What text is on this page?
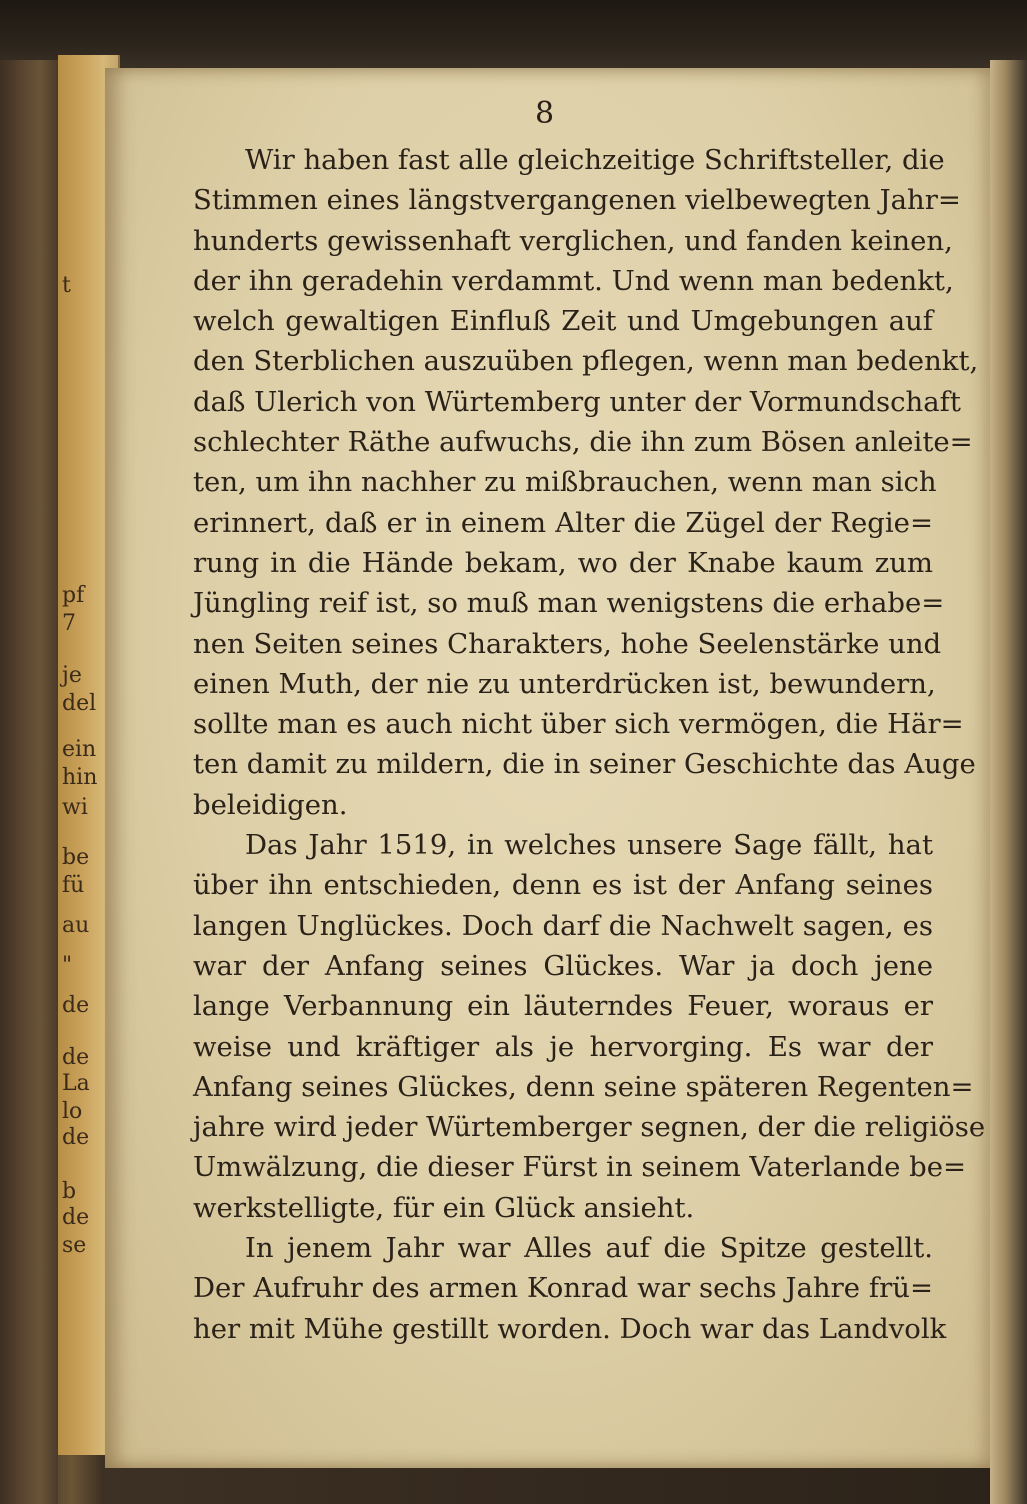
t
pf
7
je
del
ein
hin
wi
be
fü
au
"
de
de
La
lo
de
b
de
se
8

Wir haben fast alle gleichzeitige Schriftsteller, die

Stimmen eines längstvergangenen vielbewegten Jahr=

hunderts gewissenhaft verglichen, und fanden keinen,

der ihn geradehin verdammt. Und wenn man bedenkt,

welch gewaltigen Einfluß Zeit und Umgebungen auf

den Sterblichen auszuüben pflegen, wenn man bedenkt,

daß Ulerich von Würtemberg unter der Vormundschaft

schlechter Räthe aufwuchs, die ihn zum Bösen anleite=

ten, um ihn nachher zu mißbrauchen, wenn man sich

erinnert, daß er in einem Alter die Zügel der Regie=

rung in die Hände bekam, wo der Knabe kaum zum

Jüngling reif ist, so muß man wenigstens die erhabe=

nen Seiten seines Charakters, hohe Seelenstärke und

einen Muth, der nie zu unterdrücken ist, bewundern,

sollte man es auch nicht über sich vermögen, die Här=

ten damit zu mildern, die in seiner Geschichte das Auge

beleidigen.

Das Jahr 1519, in welches unsere Sage fällt, hat

über ihn entschieden, denn es ist der Anfang seines

langen Unglückes. Doch darf die Nachwelt sagen, es

war der Anfang seines Glückes. War ja doch jene

lange Verbannung ein läuterndes Feuer, woraus er

weise und kräftiger als je hervorging. Es war der

Anfang seines Glückes, denn seine späteren Regenten=

jahre wird jeder Würtemberger segnen, der die religiöse

Umwälzung, die dieser Fürst in seinem Vaterlande be=

werkstelligte, für ein Glück ansieht.

In jenem Jahr war Alles auf die Spitze gestellt.

Der Aufruhr des armen Konrad war sechs Jahre frü=

her mit Mühe gestillt worden. Doch war das Landvolk
